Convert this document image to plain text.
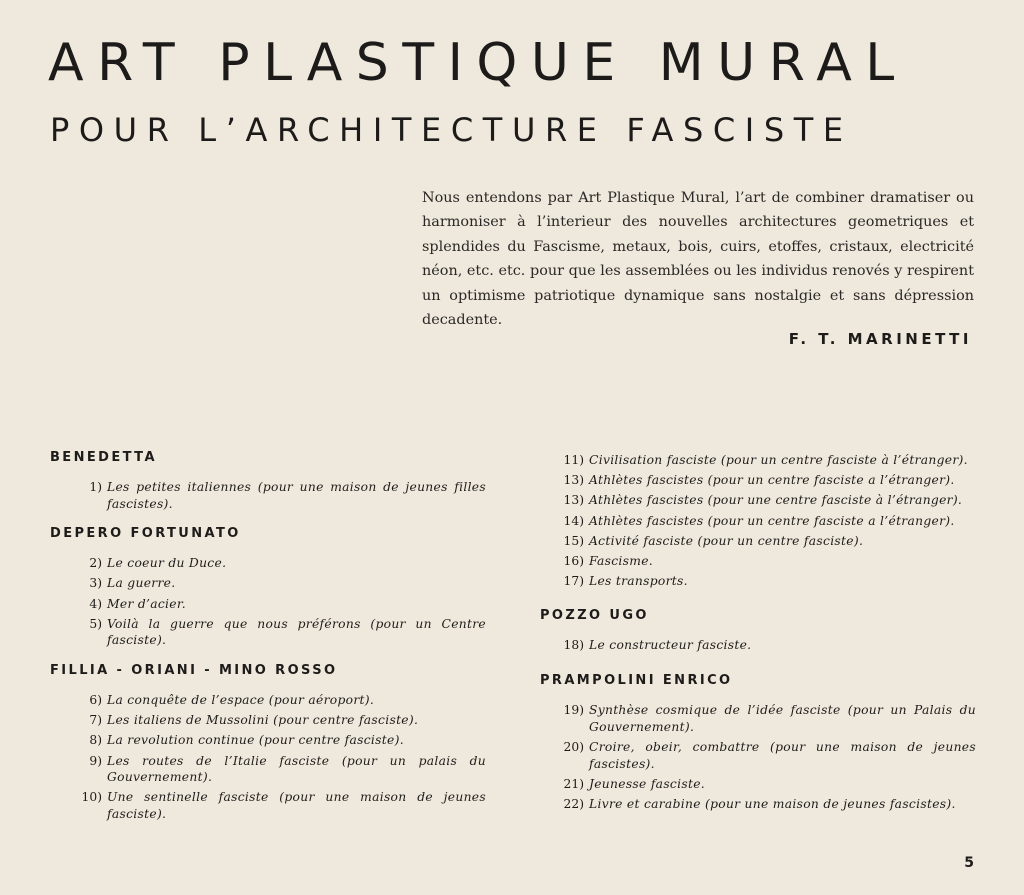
ART PLASTIQUE MURAL
POUR L’ARCHITECTURE FASCISTE

Nous entendons par Art Plastique Mural, l’art de combiner dramatiser ou harmoniser à l’interieur des nouvelles architectures geometriques et splendides du Fascisme, metaux, bois, cuirs, etoffes, cristaux, electricité néon, etc. etc. pour que les assemblées ou les individus renovés y respirent un optimisme patriotique dynamique sans nostalgie et sans dépression decadente.

F. T. MARINETTI
BENEDETTA
1) Les petites italiennes (pour une maison de jeunes filles fascistes).
DEPERO FORTUNATO
2) Le coeur du Duce.
3) La guerre.
4) Mer d’acier.
5) Voilà la guerre que nous préférons (pour un Centre fasciste).
FILLIA - ORIANI - MINO ROSSO
6) La conquête de l’espace (pour aéroport).
7) Les italiens de Mussolini (pour centre fasciste).
8) La revolution continue (pour centre fasciste).
9) Les routes de l’Italie fasciste (pour un palais du Gouvernement).
10) Une sentinelle fasciste (pour une maison de jeunes fasciste).
11) Civilisation fasciste (pour un centre fasciste à l’étranger).
13) Athlètes fascistes (pour un centre fasciste a l’étranger).
13) Athlètes fascistes (pour une centre fasciste à l’étranger).
14) Athlètes fascistes (pour un centre fasciste a l’étranger).
15) Activité fasciste (pour un centre fasciste).
16) Fascisme.
17) Les transports.
POZZO UGO
18) Le constructeur fasciste.
PRAMPOLINI ENRICO
19) Synthèse cosmique de l’idée fasciste (pour un Palais du Gouvernement).
20) Croire, obeir, combattre (pour une maison de jeunes fascistes).
21) Jeunesse fasciste.
22) Livre et carabine (pour une maison de jeunes fascistes).
5
